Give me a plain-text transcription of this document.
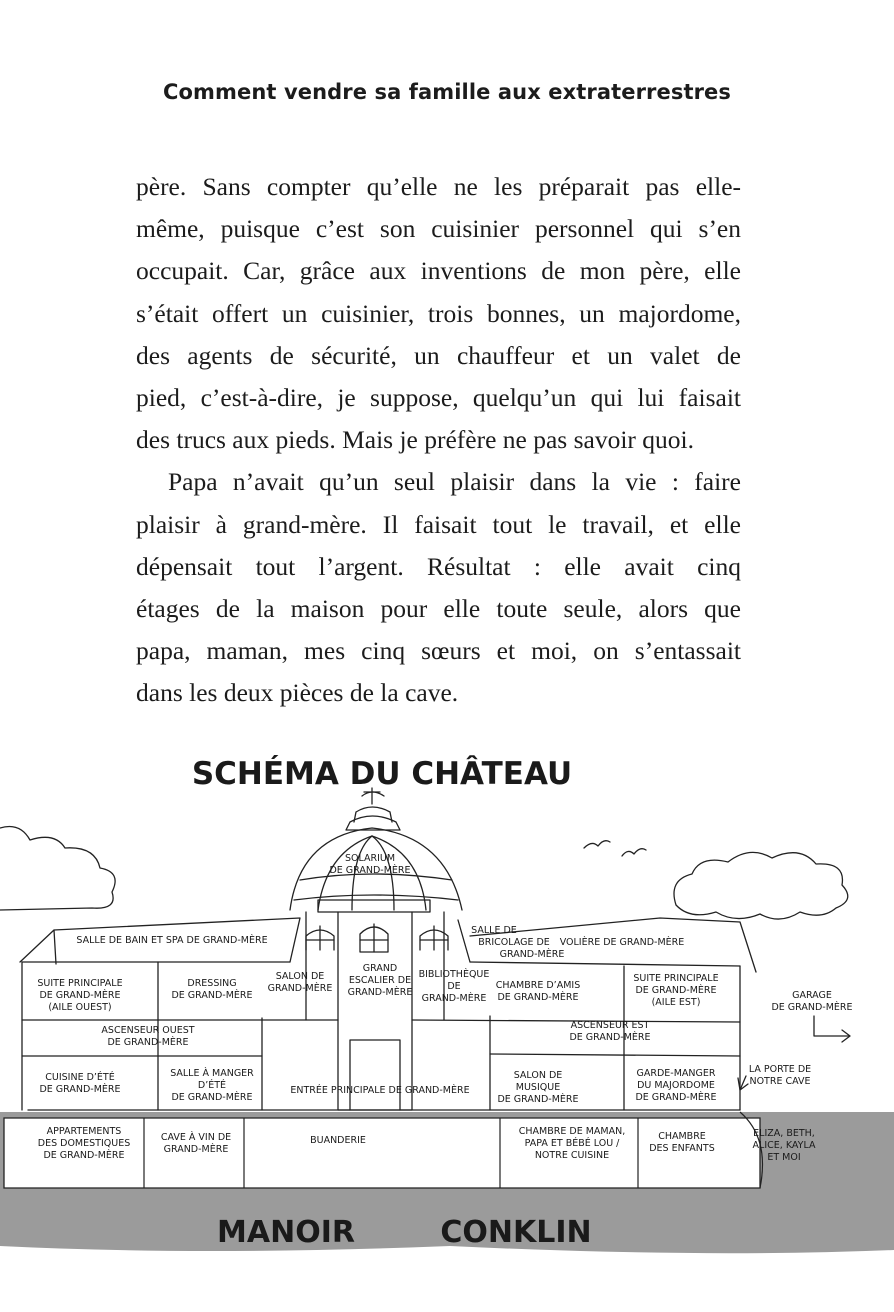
Comment vendre sa famille aux extraterrestres

père. Sans compter qu’elle ne les préparait pas elle-

même, puisque c’est son cuisinier personnel qui s’en

occupait. Car, grâce aux inventions de mon père, elle

s’était offert un cuisinier, trois bonnes, un majordome,

des agents de sécurité, un chauffeur et un valet de

pied, c’est-à-dire, je suppose, quelqu’un qui lui faisait

des trucs aux pieds. Mais je préfère ne pas savoir quoi.

Papa n’avait qu’un seul plaisir dans la vie : faire

plaisir à grand-mère. Il faisait tout le travail, et elle

dépensait tout l’argent. Résultat : elle avait cinq

étages de la maison pour elle toute seule, alors que

papa, maman, mes cinq sœurs et moi, on s’entassait

dans les deux pièces de la cave.

SCHÉMA DU CHÂTEAU
MANOIR	CONKLIN
SOLARIUM
DE GRAND-MÈRE
SALLE DE BAIN ET SPA DE GRAND-MÈRE
SALLE DE
BRICOLAGE DE
GRAND-MÈRE
VOLIÈRE DE GRAND-MÈRE
SUITE PRINCIPALE
DE GRAND-MÈRE
(AILE OUEST)
DRESSING
DE GRAND-MÈRE
SALON DE
GRAND-MÈRE
GRAND
ESCALIER DE
GRAND-MÈRE
BIBLIOTHÈQUE
DE
GRAND-MÈRE
CHAMBRE D’AMIS
DE GRAND-MÈRE
SUITE PRINCIPALE
DE GRAND-MÈRE
(AILE EST)
GARAGE
DE GRAND-MÈRE
ASCENSEUR OUEST
DE GRAND-MÈRE
ASCENSEUR EST
DE GRAND-MÈRE
CUISINE D’ÉTÉ
DE GRAND-MÈRE
SALLE À MANGER
D’ÉTÉ
DE GRAND-MÈRE
ENTRÉE PRINCIPALE DE GRAND-MÈRE
SALON DE
MUSIQUE
DE GRAND-MÈRE
GARDE-MANGER
DU MAJORDOME
DE GRAND-MÈRE
LA PORTE DE
NOTRE CAVE
APPARTEMENTS
DES DOMESTIQUES
DE GRAND-MÈRE
CAVE À VIN DE
GRAND-MÈRE
BUANDERIE
CHAMBRE DE MAMAN,
PAPA ET BÉBÉ LOU /
NOTRE CUISINE
CHAMBRE
DES ENFANTS
ELIZA, BETH,
ALICE, KAYLA
ET MOI
